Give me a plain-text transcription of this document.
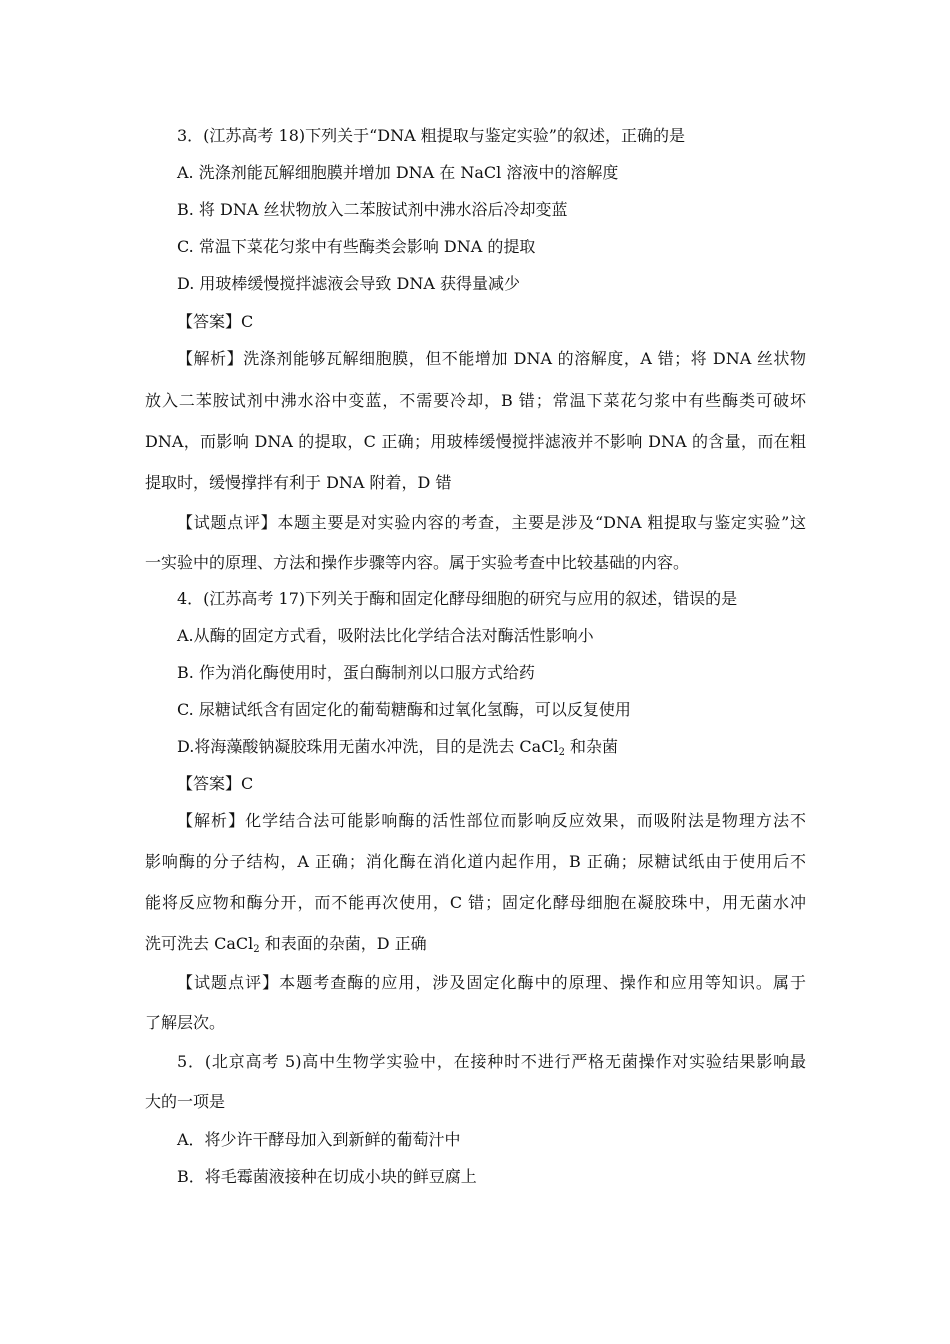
3．(江苏高考 18)下列关于“DNA 粗提取与鉴定实验”的叙述，正确的是
A. 洗涤剂能瓦解细胞膜并增加 DNA 在 NaCl 溶液中的溶解度
B. 将 DNA 丝状物放入二苯胺试剂中沸水浴后冷却变蓝
C. 常温下菜花匀浆中有些酶类会影响 DNA 的提取
D. 用玻棒缓慢搅拌滤液会导致 DNA 获得量减少
【答案】C
【解析】洗涤剂能够瓦解细胞膜，但不能增加 DNA 的溶解度，A 错；将 DNA 丝状物
放入二苯胺试剂中沸水浴中变蓝，不需要冷却，B 错；常温下菜花匀浆中有些酶类可破坏
DNA，而影响 DNA 的提取，C 正确；用玻棒缓慢搅拌滤液并不影响 DNA 的含量，而在粗
提取时，缓慢撑拌有利于 DNA 附着，D 错
【试题点评】本题主要是对实验内容的考查，主要是涉及“DNA 粗提取与鉴定实验”这
一实验中的原理、方法和操作步骤等内容。属于实验考查中比较基础的内容。
4．(江苏高考 17)下列关于酶和固定化酵母细胞的研究与应用的叙述，错误的是
A.从酶的固定方式看，吸附法比化学结合法对酶活性影响小
B. 作为消化酶使用时，蛋白酶制剂以口服方式给药
C. 尿糖试纸含有固定化的葡萄糖酶和过氧化氢酶，可以反复使用
D.将海藻酸钠凝胶珠用无菌水冲洗，目的是洗去 CaCl$_2$ 和杂菌
【答案】C
【解析】化学结合法可能影响酶的活性部位而影响反应效果，而吸附法是物理方法不
影响酶的分子结构，A 正确；消化酶在消化道内起作用，B 正确；尿糖试纸由于使用后不
能将反应物和酶分开，而不能再次使用，C 错；固定化酵母细胞在凝胶珠中，用无菌水冲
洗可洗去 CaCl$_2$ 和表面的杂菌，D 正确
【试题点评】本题考查酶的应用，涉及固定化酶中的原理、操作和应用等知识。属于
了解层次。
5．(北京高考 5)高中生物学实验中，在接种时不进行严格无菌操作对实验结果影响最
大的一项是
A．将少许干酵母加入到新鲜的葡萄汁中
B．将毛霉菌液接种在切成小块的鲜豆腐上
